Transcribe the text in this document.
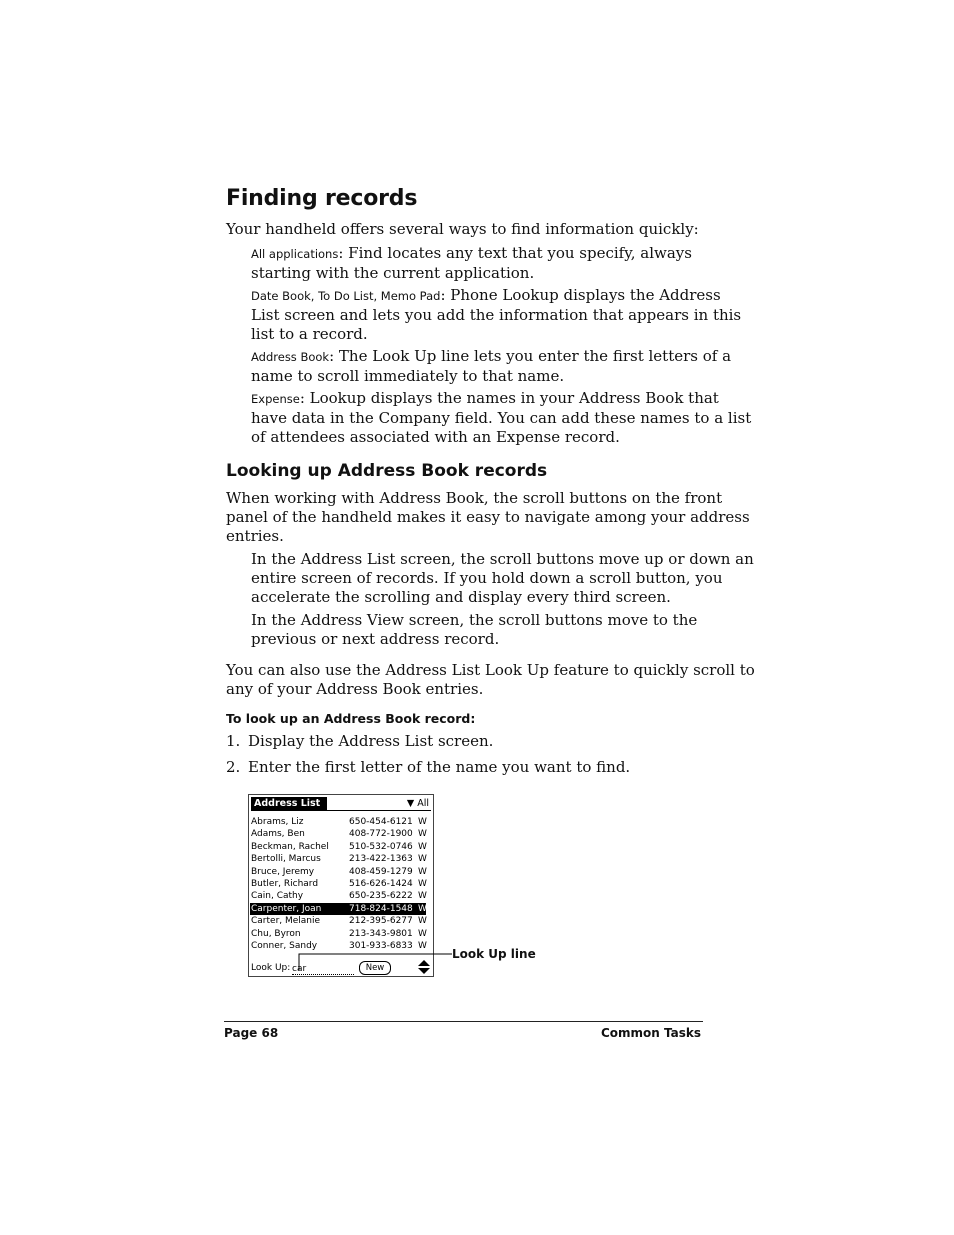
Finding records
Your handheld offers several ways to find information quickly:
All applications: Find locates any text that you specify, always
starting with the current application.
Date Book, To Do List, Memo Pad: Phone Lookup displays the Address
List screen and lets you add the information that appears in this
list to a record.
Address Book: The Look Up line lets you enter the first letters of a
name to scroll immediately to that name.
Expense: Lookup displays the names in your Address Book that
have data in the Company field. You can add these names to a list
of attendees associated with an Expense record.
Looking up Address Book records
When working with Address Book, the scroll buttons on the front
panel of the handheld makes it easy to navigate among your address
entries.
In the Address List screen, the scroll buttons move up or down an
entire screen of records. If you hold down a scroll button, you
accelerate the scrolling and display every third screen.
In the Address View screen, the scroll buttons move to the
previous or next address record.
You can also use the Address List Look Up feature to quickly scroll to
any of your Address Book entries.
To look up an Address Book record:
1. Display the Address List screen.
2. Enter the first letter of the name you want to find.
Address List	▼ All
Abrams, Liz	650-454-6121 W
Adams, Ben	408-772-1900 W
Beckman, Rachel 510-532-0746 W
Bertolli, Marcus	213-422-1363 W
Bruce, Jeremy	408-459-1279 W
Butler, Richard	516-626-1424 W
Cain, Cathy	650-235-6222 W
Carpenter, Joan	718-824-1548 W
Carter, Melanie	212-395-6277 W
Chu, Byron	213-343-9801 W
Conner, Sandy	301-933-6833 W
Look Up: car	New
Look Up line
Page 68	Common Tasks
